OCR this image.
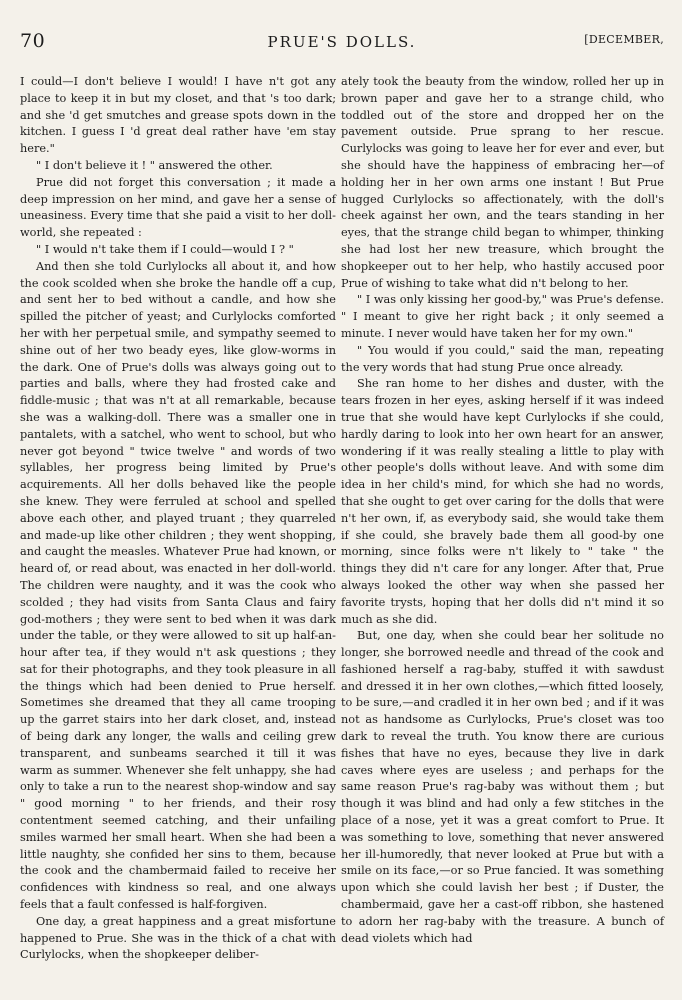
70	PRUE'S DOLLS.	[DECEMBER,

I could—I don't believe I would! I have n't got any place to keep it in but my closet, and that 's too dark; and she 'd get smutches and grease spots down in the kitchen. I guess I 'd great deal rather have 'em stay here."

" I don't believe it ! " answered the other.

Prue did not forget this conversation ; it made a deep impression on her mind, and gave her a sense of uneasiness. Every time that she paid a visit to her doll-world, she repeated :

" I would n't take them if I could—would I ? "

And then she told Curlylocks all about it, and how the cook scolded when she broke the handle off a cup, and sent her to bed without a candle, and how she spilled the pitcher of yeast; and Curlylocks comforted her with her perpetual smile, and sympathy seemed to shine out of her two beady eyes, like glow-worms in the dark. One of Prue's dolls was always going out to parties and balls, where they had frosted cake and fiddle-music ; that was n't at all remarkable, because she was a walking-doll. There was a smaller one in pantalets, with a satchel, who went to school, but who never got beyond " twice twelve " and words of two syllables, her progress being limited by Prue's acquirements. All her dolls behaved like the people she knew. They were ferruled at school and spelled above each other, and played truant ; they quarreled and made-up like other children ; they went shopping, and caught the measles. Whatever Prue had known, or heard of, or read about, was enacted in her doll-world. The children were naughty, and it was the cook who scolded ; they had visits from Santa Claus and fairy god-mothers ; they were sent to bed when it was dark under the table, or they were allowed to sit up half-an-hour after tea, if they would n't ask questions ; they sat for their photographs, and they took pleasure in all the things which had been denied to Prue herself. Sometimes she dreamed that they all came trooping up the garret stairs into her dark closet, and, instead of being dark any longer, the walls and ceiling grew transparent, and sunbeams searched it till it was warm as summer. Whenever she felt unhappy, she had only to take a run to the nearest shop-window and say " good morning " to her friends, and their rosy contentment seemed catching, and their unfailing smiles warmed her small heart. When she had been a little naughty, she confided her sins to them, because the cook and the chambermaid failed to receive her confidences with kindness so real, and one always feels that a fault confessed is half-forgiven.

One day, a great happiness and a great misfortune happened to Prue. She was in the thick of a chat with Curlylocks, when the shopkeeper deliber-

ately took the beauty from the window, rolled her up in brown paper and gave her to a strange child, who toddled out of the store and dropped her on the pavement outside. Prue sprang to her rescue. Curlylocks was going to leave her for ever and ever, but she should have the happiness of embracing her—of holding her in her own arms one instant ! But Prue hugged Curlylocks so affectionately, with the doll's cheek against her own, and the tears standing in her eyes, that the strange child began to whimper, thinking she had lost her new treasure, which brought the shopkeeper out to her help, who hastily accused poor Prue of wishing to take what did n't belong to her.

" I was only kissing her good-by," was Prue's defense. " I meant to give her right back ; it only seemed a minute. I never would have taken her for my own."

" You would if you could," said the man, repeating the very words that had stung Prue once already.

She ran home to her dishes and duster, with the tears frozen in her eyes, asking herself if it was indeed true that she would have kept Curlylocks if she could, hardly daring to look into her own heart for an answer, wondering if it was really stealing a little to play with other people's dolls without leave. And with some dim idea in her child's mind, for which she had no words, that she ought to get over caring for the dolls that were n't her own, if, as everybody said, she would take them if she could, she bravely bade them all good-by one morning, since folks were n't likely to " take " the things they did n't care for any longer. After that, Prue always looked the other way when she passed her favorite trysts, hoping that her dolls did n't mind it so much as she did.

But, one day, when she could bear her solitude no longer, she borrowed needle and thread of the cook and fashioned herself a rag-baby, stuffed it with sawdust and dressed it in her own clothes,—which fitted loosely, to be sure,—and cradled it in her own bed ; and if it was not as handsome as Curlylocks, Prue's closet was too dark to reveal the truth. You know there are curious fishes that have no eyes, because they live in dark caves where eyes are useless ; and perhaps for the same reason Prue's rag-baby was without them ; but though it was blind and had only a few stitches in the place of a nose, yet it was a great comfort to Prue. It was something to love, something that never answered her ill-humoredly, that never looked at Prue but with a smile on its face,—or so Prue fancied. It was something upon which she could lavish her best ; if Duster, the chambermaid, gave her a cast-off ribbon, she hastened to adorn her rag-baby with the treasure. A bunch of dead violets which had
